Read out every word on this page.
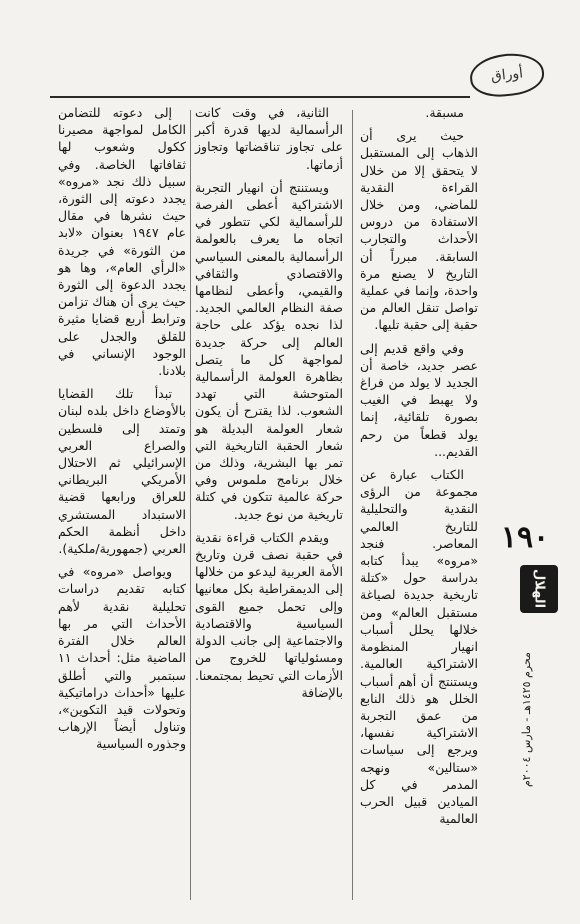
أوراق

مسبقة.

حيث يرى أن الذهاب إلى المستقبل لا يتحقق إلا من خلال القراءة النقدية للماضي، ومن خلال الاستفادة من دروس الأحداث والتجارب السابقة. مبرراً أن التاريخ لا يصنع مرة واحدة، وإنما في عملية تواصل تنقل العالم من حقبة إلى حقبة تليها.

وفي واقع قديم إلى عصر جديد، خاصة أن الجديد لا يولد من فراغ ولا يهبط في الغيب بصورة تلقائية، إنما يولد قطعاً من رحم القديم...

الكتاب عبارة عن مجموعة من الرؤى النقدية والتحليلية للتاريخ العالمي المعاصر. فنجد «مروه» يبدأ كتابه بدراسة حول «كتلة تاريخية جديدة لصياغة مستقبل العالم» ومن خلالها يحلل أسباب انهيار المنظومة الاشتراكية العالمية. ويستنتج أن أهم أسباب الخلل هو ذلك النابع من عمق التجربة الاشتراكية نفسها، ويرجع إلى سياسات «ستالين» ونهجه المدمر في كل الميادين قبيل الحرب العالمية

الثانية، في وقت كانت الرأسمالية لديها قدرة أكبر على تجاوز تناقضاتها وتجاوز أزماتها.

ويستنتج أن انهيار التجربة الاشتراكية أعطى الفرصة للرأسمالية لكي تتطور في اتجاه ما يعرف بالعولمة الرأسمالية بالمعنى السياسي والاقتصادي والثقافي والقيمي، وأعطى لنظامها صفة النظام العالمي الجديد. لذا نجده يؤكد على حاجة العالم إلى حركة جديدة لمواجهة كل ما يتصل بظاهرة العولمة الرأسمالية المتوحشة التي تهدد الشعوب. لذا يقترح أن يكون شعار العولمة البديلة هو شعار الحقبة التاريخية التي تمر بها البشرية، وذلك من خلال برنامج ملموس وفي حركة عالمية تتكون في كتلة تاريخية من نوع جديد.

ويقدم الكتاب قراءة نقدية في حقبة نصف قرن وتاريخ الأمة العربية ليدعو من خلالها إلى الديمقراطية بكل معانيها وإلى تحمل جميع القوى السياسية والاقتصادية والاجتماعية إلى جانب الدولة ومسئولياتها للخروج من الأزمات التي تحيط بمجتمعنا. بالإضافة

إلى دعوته للتضامن الكامل لمواجهة مصيرنا ككول وشعوب لها ثقافاتها الخاصة. وفي سبيل ذلك نجد «مروه» يجدد دعوته إلى الثورة، حيث نشرها في مقال عام ١٩٤٧ بعنوان «لابد من الثورة» في جريدة «الرأي العام»، وها هو يجدد الدعوة إلى الثورة حيث يرى أن هناك تزامن وترابط أربع قضايا مثيرة للقلق والجدل على الوجود الإنساني في بلادنا.

تبدأ تلك القضايا بالأوضاع داخل بلده لبنان وتمتد إلى فلسطين والصراع العربي الإسرائيلي ثم الاحتلال الأمريكي البريطاني للعراق ورابعها قضية الاستبداد المستشري داخل أنظمة الحكم العربي (جمهورية/ملكية).

ويواصل «مروه» في كتابه تقديم دراسات تحليلية نقدية لأهم الأحداث التي مر بها العالم خلال الفترة الماضية مثل: أحداث ١١ سبتمبر والتي أطلق عليها «أحداث دراماتيكية وتحولات قيد التكوين»، وتناول أيضاً الإرهاب وجذوره السياسية

١٩٠
الهلال
محرم ١٤٢٥هـ - مارس ٢٠٠٤م
